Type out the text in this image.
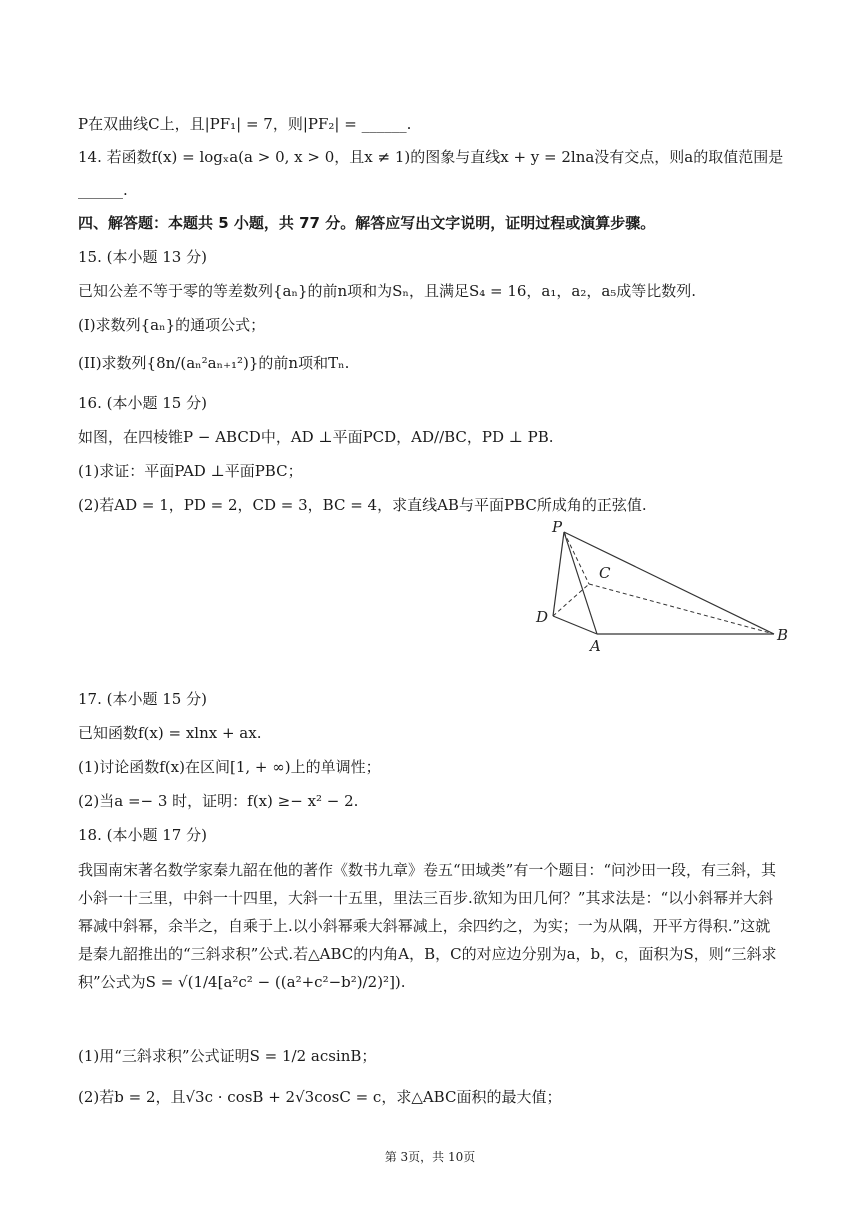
P在双曲线C上，且|PF₁| = 7，则|PF₂| = ______.
14. 若函数f(x) = logₓa(a > 0, x > 0，且x ≠ 1)的图象与直线x + y = 2lna没有交点，则a的取值范围是
______.
四、解答题：本题共 5 小题，共 77 分。解答应写出文字说明，证明过程或演算步骤。
15. (本小题 13 分)
已知公差不等于零的等差数列{aₙ}的前n项和为Sₙ，且满足S₄ = 16，a₁，a₂，a₅成等比数列.
(I)求数列{aₙ}的通项公式；
(II)求数列{8n/(aₙ²aₙ₊₁²)}的前n项和Tₙ.
16. (本小题 15 分)
如图，在四棱锥P − ABCD中，AD ⊥平面PCD，AD//BC，PD ⊥ PB.
(1)求证：平面PAD ⊥平面PBC；
(2)若AD = 1，PD = 2，CD = 3，BC = 4，求直线AB与平面PBC所成角的正弦值.
P
C
D
A
B
17. (本小题 15 分)
已知函数f(x) = xlnx + ax.
(1)讨论函数f(x)在区间[1, + ∞)上的单调性；
(2)当a =− 3 时，证明：f(x) ≥− x² − 2.
18. (本小题 17 分)
我国南宋著名数学家秦九韶在他的著作《数书九章》卷五“田域类”有一个题目：“问沙田一段，有三斜，其小斜一十三里，中斜一十四里，大斜一十五里，里法三百步.欲知为田几何？”其求法是：“以小斜幂并大斜幂减中斜幂，余半之，自乘于上.以小斜幂乘大斜幂减上，余四约之，为实；一为从隅，开平方得积.”这就是秦九韶推出的“三斜求积”公式.若△ABC的内角A，B，C的对应边分别为a，b，c，面积为S，则“三斜求积”公式为S = √(1/4[a²c² − ((a²+c²−b²)/2)²]).
(1)用“三斜求积”公式证明S = 1/2 acsinB；
(2)若b = 2，且√3c · cosB + 2√3cosC = c，求△ABC面积的最大值；
第 3页，共 10页
